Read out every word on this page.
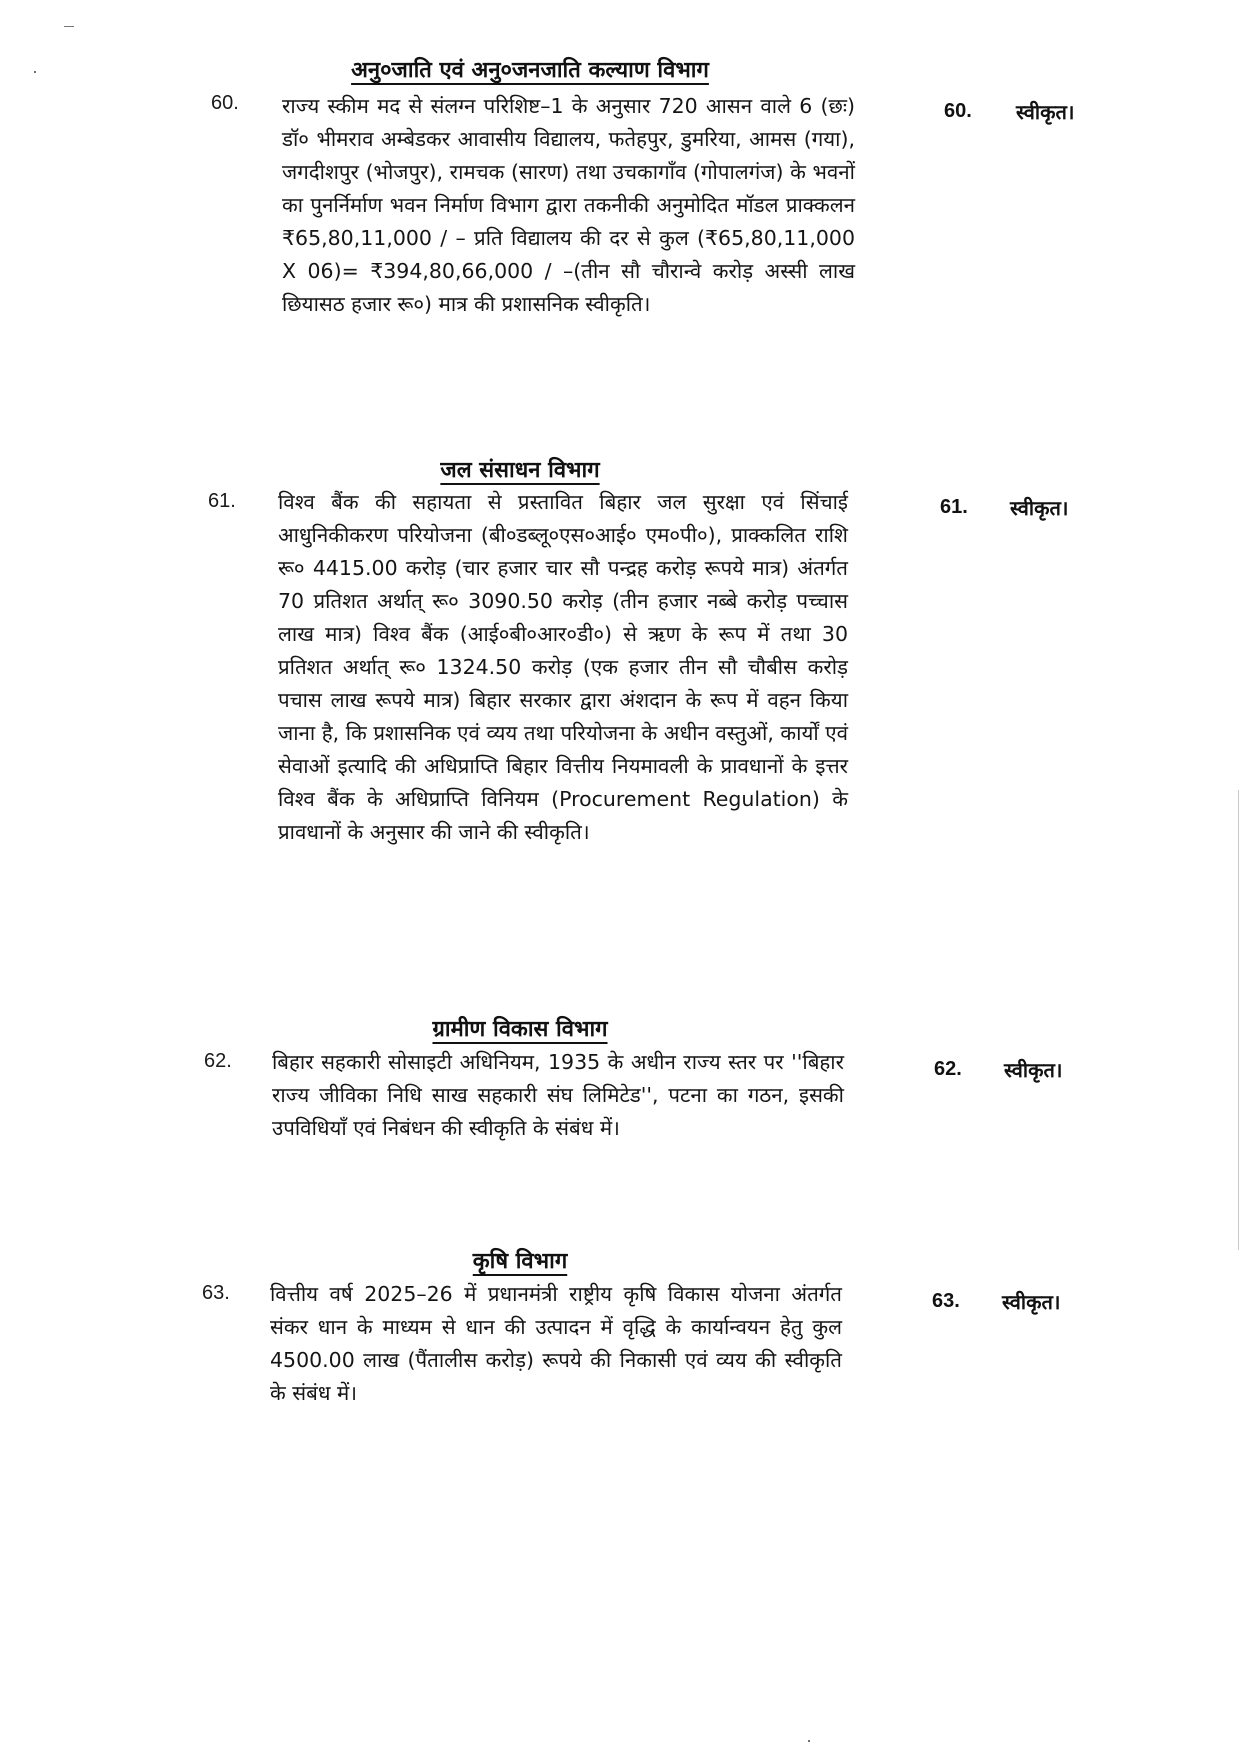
अनु०जाति एवं अनु०जनजाति कल्याण विभाग
60. राज्य स्कीम मद से संलग्न परिशिष्ट–1 के अनुसार 720 आसन वाले 6 (छः) डॉ० भीमराव अम्बेडकर आवासीय विद्यालय, फतेहपुर, डुमरिया, आमस (गया), जगदीशपुर (भोजपुर), रामचक (सारण) तथा उचकागाँव (गोपालगंज) के भवनों का पुनर्निर्माण भवन निर्माण विभाग द्वारा तकनीकी अनुमोदित मॉडल प्राक्कलन ₹65,80,11,000 / – प्रति विद्यालय की दर से कुल (₹65,80,11,000 X 06)= ₹394,80,66,000 / –(तीन सौ चौरान्वे करोड़ अस्सी लाख छियासठ हजार रू०) मात्र की प्रशासनिक स्वीकृति।
60. स्वीकृत।
जल संसाधन विभाग
61. विश्व बैंक की सहायता से प्रस्तावित बिहार जल सुरक्षा एवं सिंचाई आधुनिकीकरण परियोजना (बी०डब्लू०एस०आई० एम०पी०), प्राक्कलित राशि रू० 4415.00 करोड़ (चार हजार चार सौ पन्द्रह करोड़ रूपये मात्र) अंतर्गत 70 प्रतिशत अर्थात् रू० 3090.50 करोड़ (तीन हजार नब्बे करोड़ पच्चास लाख मात्र) विश्व बैंक (आई०बी०आर०डी०) से ऋण के रूप में तथा 30 प्रतिशत अर्थात् रू० 1324.50 करोड़ (एक हजार तीन सौ चौबीस करोड़ पचास लाख रूपये मात्र) बिहार सरकार द्वारा अंशदान के रूप में वहन किया जाना है, कि प्रशासनिक एवं व्यय तथा परियोजना के अधीन वस्तुओं, कार्यों एवं सेवाओं इत्यादि की अधिप्राप्ति बिहार वित्तीय नियमावली के प्रावधानों के इत्तर विश्व बैंक के अधिप्राप्ति विनियम (Procurement Regulation) के प्रावधानों के अनुसार की जाने की स्वीकृति।
61. स्वीकृत।
ग्रामीण विकास विभाग
62. बिहार सहकारी सोसाइटी अधिनियम, 1935 के अधीन राज्य स्तर पर ''बिहार राज्य जीविका निधि साख सहकारी संघ लिमिटेड'', पटना का गठन, इसकी उपविधियाँ एवं निबंधन की स्वीकृति के संबंध में।
62. स्वीकृत।
कृषि विभाग
63. वित्तीय वर्ष 2025–26 में प्रधानमंत्री राष्ट्रीय कृषि विकास योजना अंतर्गत संकर धान के माध्यम से धान की उत्पादन में वृद्धि के कार्यान्वयन हेतु कुल 4500.00 लाख (पैंतालीस करोड़) रूपये की निकासी एवं व्यय की स्वीकृति के संबंध में।
63. स्वीकृत।
